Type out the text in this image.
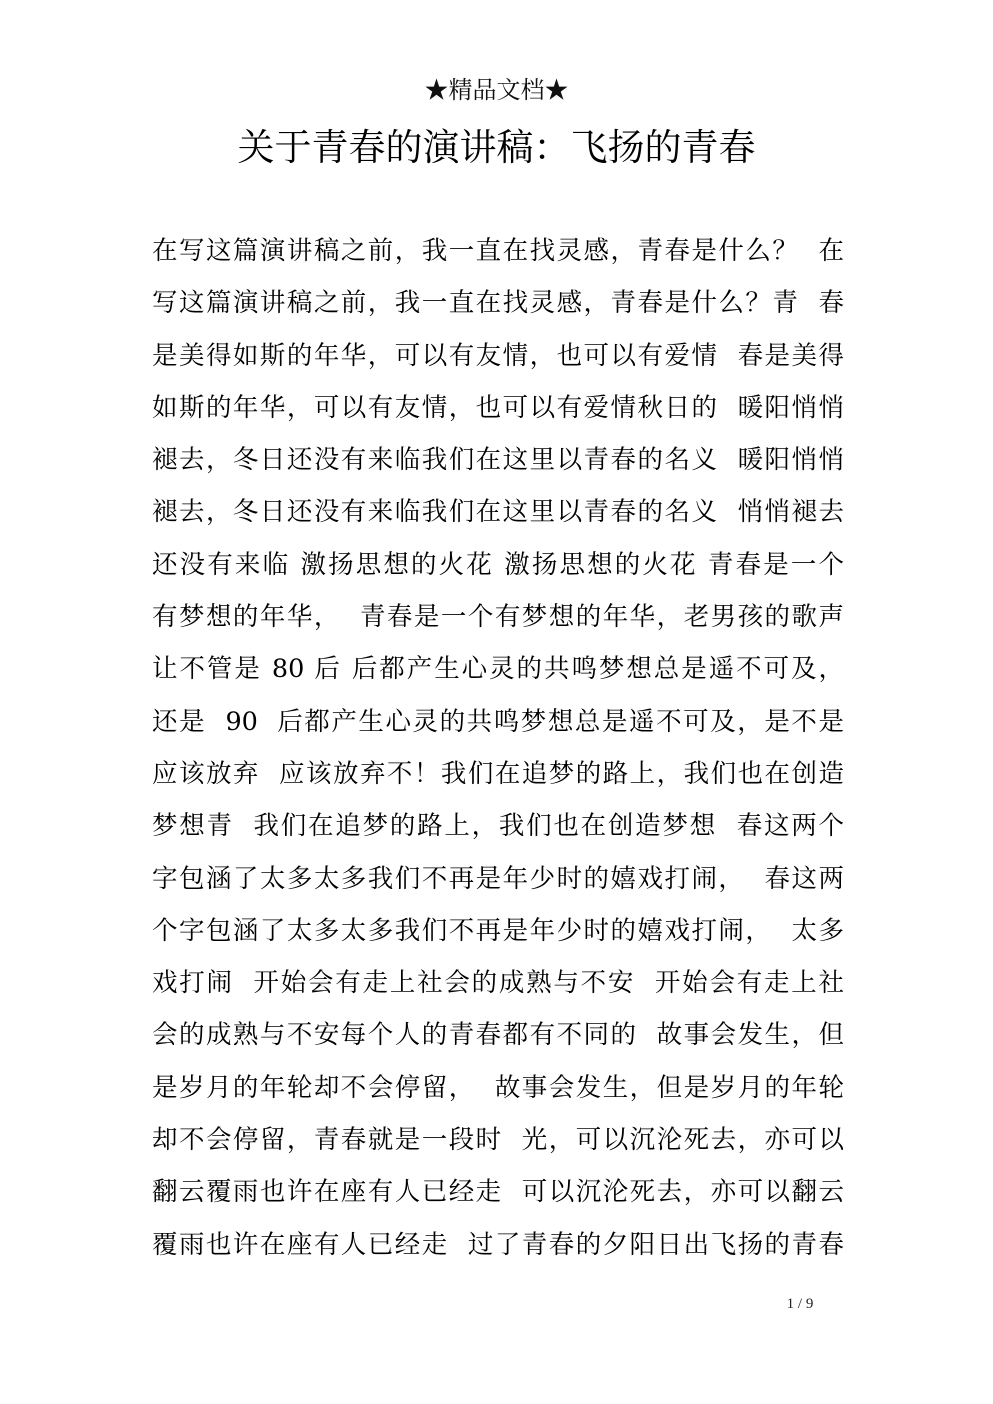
★精品文档★
关于青春的演讲稿：飞扬的青春
在写这篇演讲稿之前，我一直在找灵感，青春是什么？  在
写这篇演讲稿之前，我一直在找灵感，青春是什么？青  春
是美得如斯的年华，可以有友情，也可以有爱情  春是美得
如斯的年华，可以有友情，也可以有爱情秋日的  暖阳悄悄
褪去，冬日还没有来临我们在这里以青春的名义  暖阳悄悄
褪去，冬日还没有来临我们在这里以青春的名义  悄悄褪去
还没有来临 激扬思想的火花 激扬思想的火花 青春是一个
有梦想的年华，  青春是一个有梦想的年华，老男孩的歌声
让不管是 80 后 后都产生心灵的共鸣梦想总是遥不可及，
还是  90  后都产生心灵的共鸣梦想总是遥不可及，是不是
应该放弃  应该放弃不！我们在追梦的路上，我们也在创造
梦想青  我们在追梦的路上，我们也在创造梦想  春这两个
字包涵了太多太多我们不再是年少时的嬉戏打闹，  春这两
个字包涵了太多太多我们不再是年少时的嬉戏打闹，  太多
戏打闹  开始会有走上社会的成熟与不安  开始会有走上社
会的成熟与不安每个人的青春都有不同的  故事会发生，但
是岁月的年轮却不会停留，  故事会发生，但是岁月的年轮
却不会停留，青春就是一段时  光，可以沉沦死去，亦可以
翻云覆雨也许在座有人已经走  可以沉沦死去，亦可以翻云
覆雨也许在座有人已经走  过了青春的夕阳日出飞扬的青春
1 / 9
